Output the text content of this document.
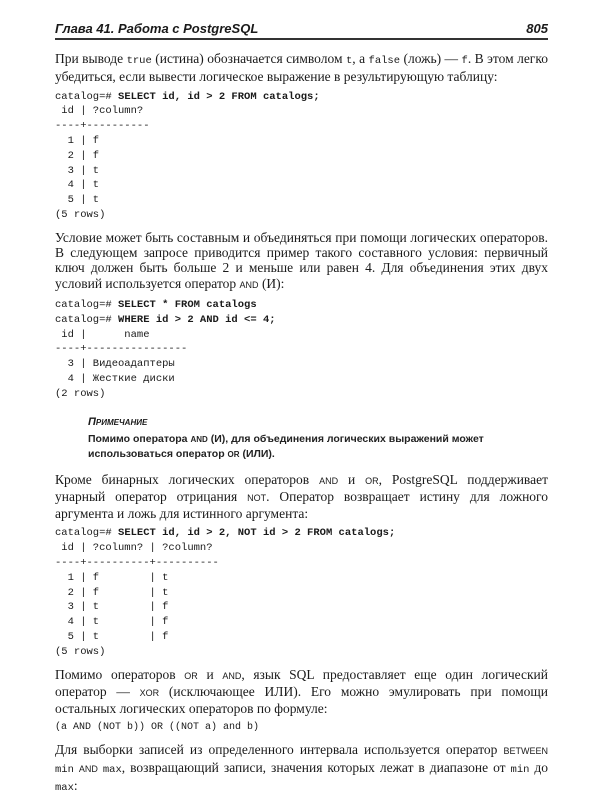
Глава 41. Работа с PostgreSQL	805
При выводе true (истина) обозначается символом t, а false (ложь) — f. В этом легко убедиться, если вывести логическое выражение в результирующую таблицу:
catalog=# SELECT id, id > 2 FROM catalogs;
id | ?column?
----+----------
1 | f
2 | f
3 | t
4 | t
5 | t
(5 rows)
Условие может быть составным и объединяться при помощи логических операторов. В следующем запросе приводится пример такого составного условия: первичный ключ должен быть больше 2 и меньше или равен 4. Для объединения этих двух условий используется оператор AND (И):
catalog=# SELECT * FROM catalogs
catalog=# WHERE id > 2 AND id <= 4;
id |      name
----+----------------
3 | Видеоадаптеры
4 | Жесткие диски
(2 rows)
Примечание
Помимо оператора AND (И), для объединения логических выражений может использоваться оператор OR (ИЛИ).
Кроме бинарных логических операторов AND и OR, PostgreSQL поддерживает унарный оператор отрицания NOT. Оператор возвращает истину для ложного аргумента и ложь для истинного аргумента:
catalog=# SELECT id, id > 2, NOT id > 2 FROM catalogs;
id | ?column? | ?column?
----+----------+----------
1 | f        | t
2 | f        | t
3 | t        | f
4 | t        | f
5 | t        | f
(5 rows)
Помимо операторов OR и AND, язык SQL предоставляет еще один логический оператор — XOR (исключающее ИЛИ). Его можно эмулировать при помощи остальных логических операторов по формуле:
(a AND (NOT b)) OR ((NOT a) and b)
Для выборки записей из определенного интервала используется оператор BETWEEN min AND max, возвращающий записи, значения которых лежат в диапазоне от min до max:
